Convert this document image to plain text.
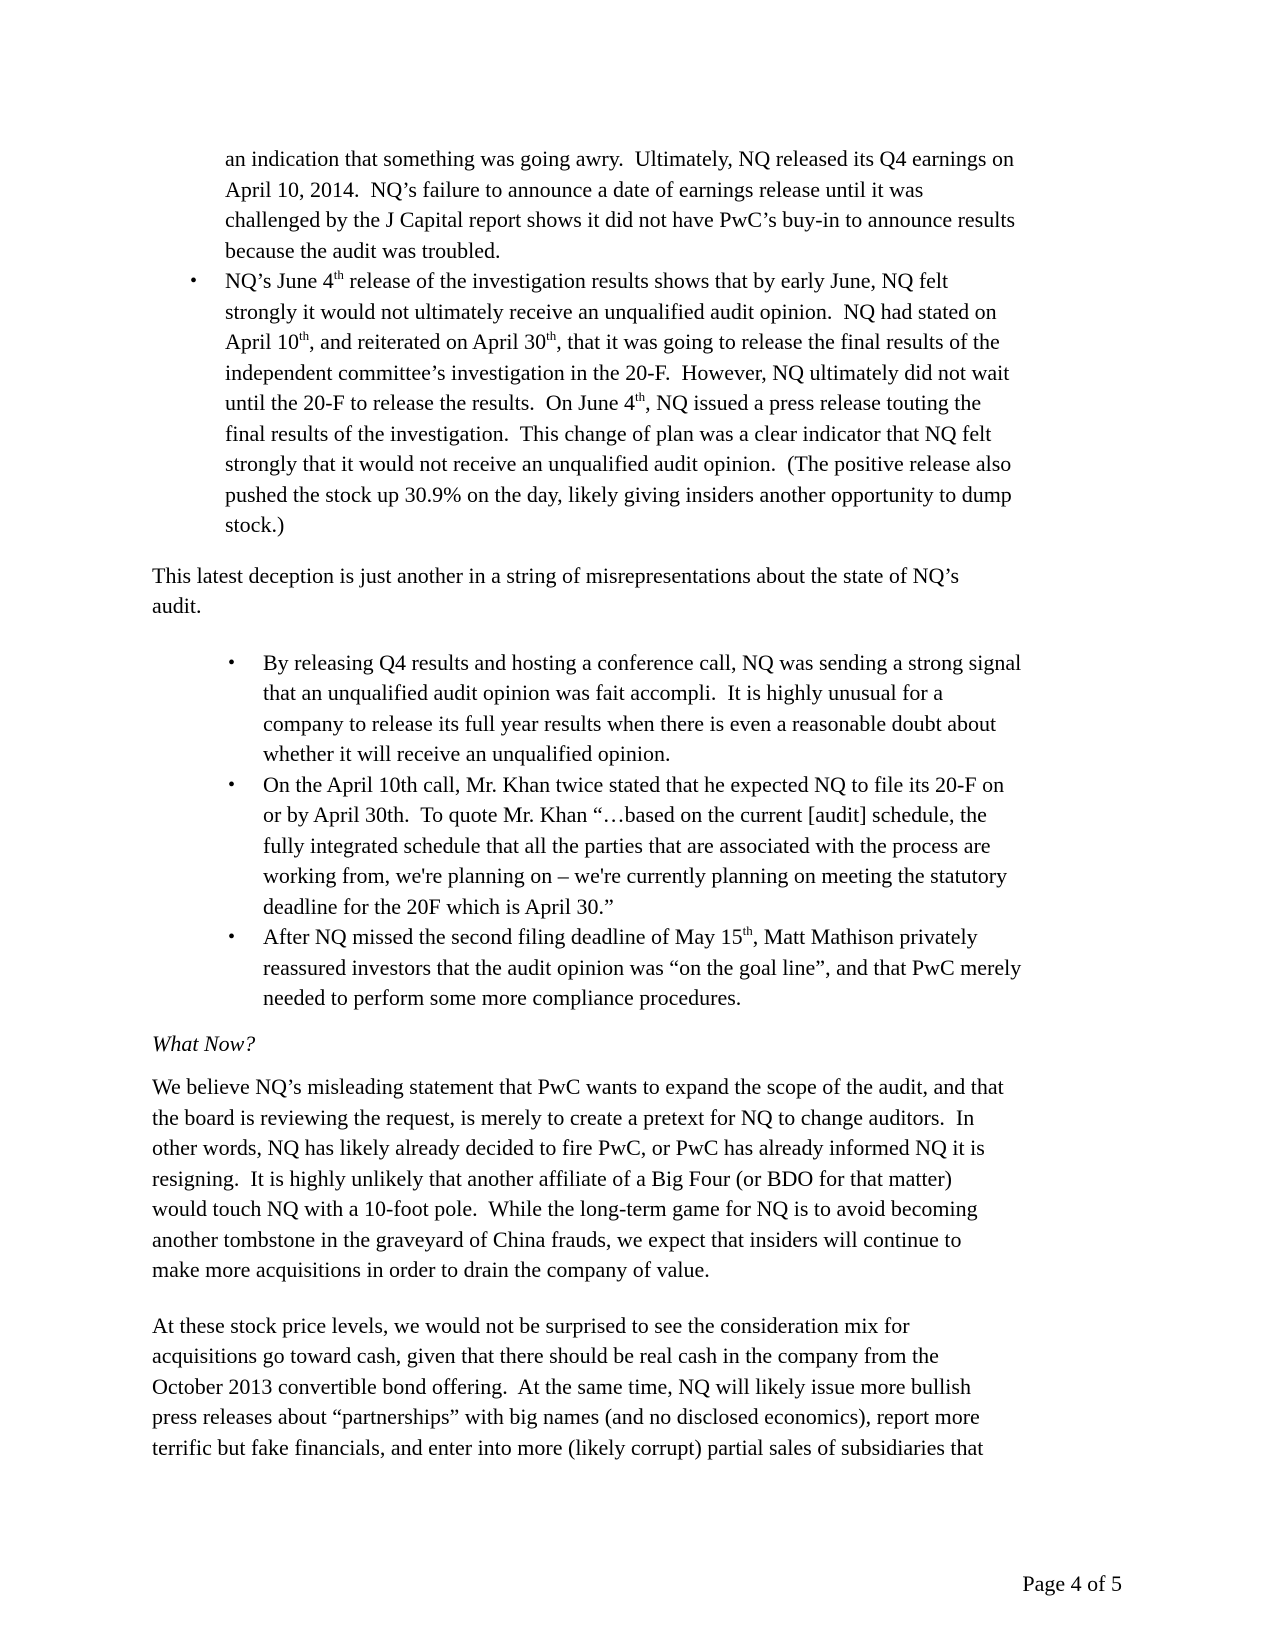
an indication that something was going awry.  Ultimately, NQ released its Q4 earnings on
April 10, 2014.  NQ’s failure to announce a date of earnings release until it was
challenged by the J Capital report shows it did not have PwC’s buy-in to announce results
because the audit was troubled.
• NQ’s June 4th release of the investigation results shows that by early June, NQ felt
strongly it would not ultimately receive an unqualified audit opinion.  NQ had stated on
April 10th, and reiterated on April 30th, that it was going to release the final results of the
independent committee’s investigation in the 20-F.  However, NQ ultimately did not wait
until the 20-F to release the results.  On June 4th, NQ issued a press release touting the
final results of the investigation.  This change of plan was a clear indicator that NQ felt
strongly that it would not receive an unqualified audit opinion.  (The positive release also
pushed the stock up 30.9% on the day, likely giving insiders another opportunity to dump
stock.)
This latest deception is just another in a string of misrepresentations about the state of NQ’s
audit.
• By releasing Q4 results and hosting a conference call, NQ was sending a strong signal
that an unqualified audit opinion was fait accompli.  It is highly unusual for a
company to release its full year results when there is even a reasonable doubt about
whether it will receive an unqualified opinion.
• On the April 10th call, Mr. Khan twice stated that he expected NQ to file its 20-F on
or by April 30th.  To quote Mr. Khan “…based on the current [audit] schedule, the
fully integrated schedule that all the parties that are associated with the process are
working from, we're planning on – we're currently planning on meeting the statutory
deadline for the 20F which is April 30.”
• After NQ missed the second filing deadline of May 15th, Matt Mathison privately
reassured investors that the audit opinion was “on the goal line”, and that PwC merely
needed to perform some more compliance procedures.
What Now?
We believe NQ’s misleading statement that PwC wants to expand the scope of the audit, and that
the board is reviewing the request, is merely to create a pretext for NQ to change auditors.  In
other words, NQ has likely already decided to fire PwC, or PwC has already informed NQ it is
resigning.  It is highly unlikely that another affiliate of a Big Four (or BDO for that matter)
would touch NQ with a 10-foot pole.  While the long-term game for NQ is to avoid becoming
another tombstone in the graveyard of China frauds, we expect that insiders will continue to
make more acquisitions in order to drain the company of value.
At these stock price levels, we would not be surprised to see the consideration mix for
acquisitions go toward cash, given that there should be real cash in the company from the
October 2013 convertible bond offering.  At the same time, NQ will likely issue more bullish
press releases about “partnerships” with big names (and no disclosed economics), report more
terrific but fake financials, and enter into more (likely corrupt) partial sales of subsidiaries that
Page 4 of 5
